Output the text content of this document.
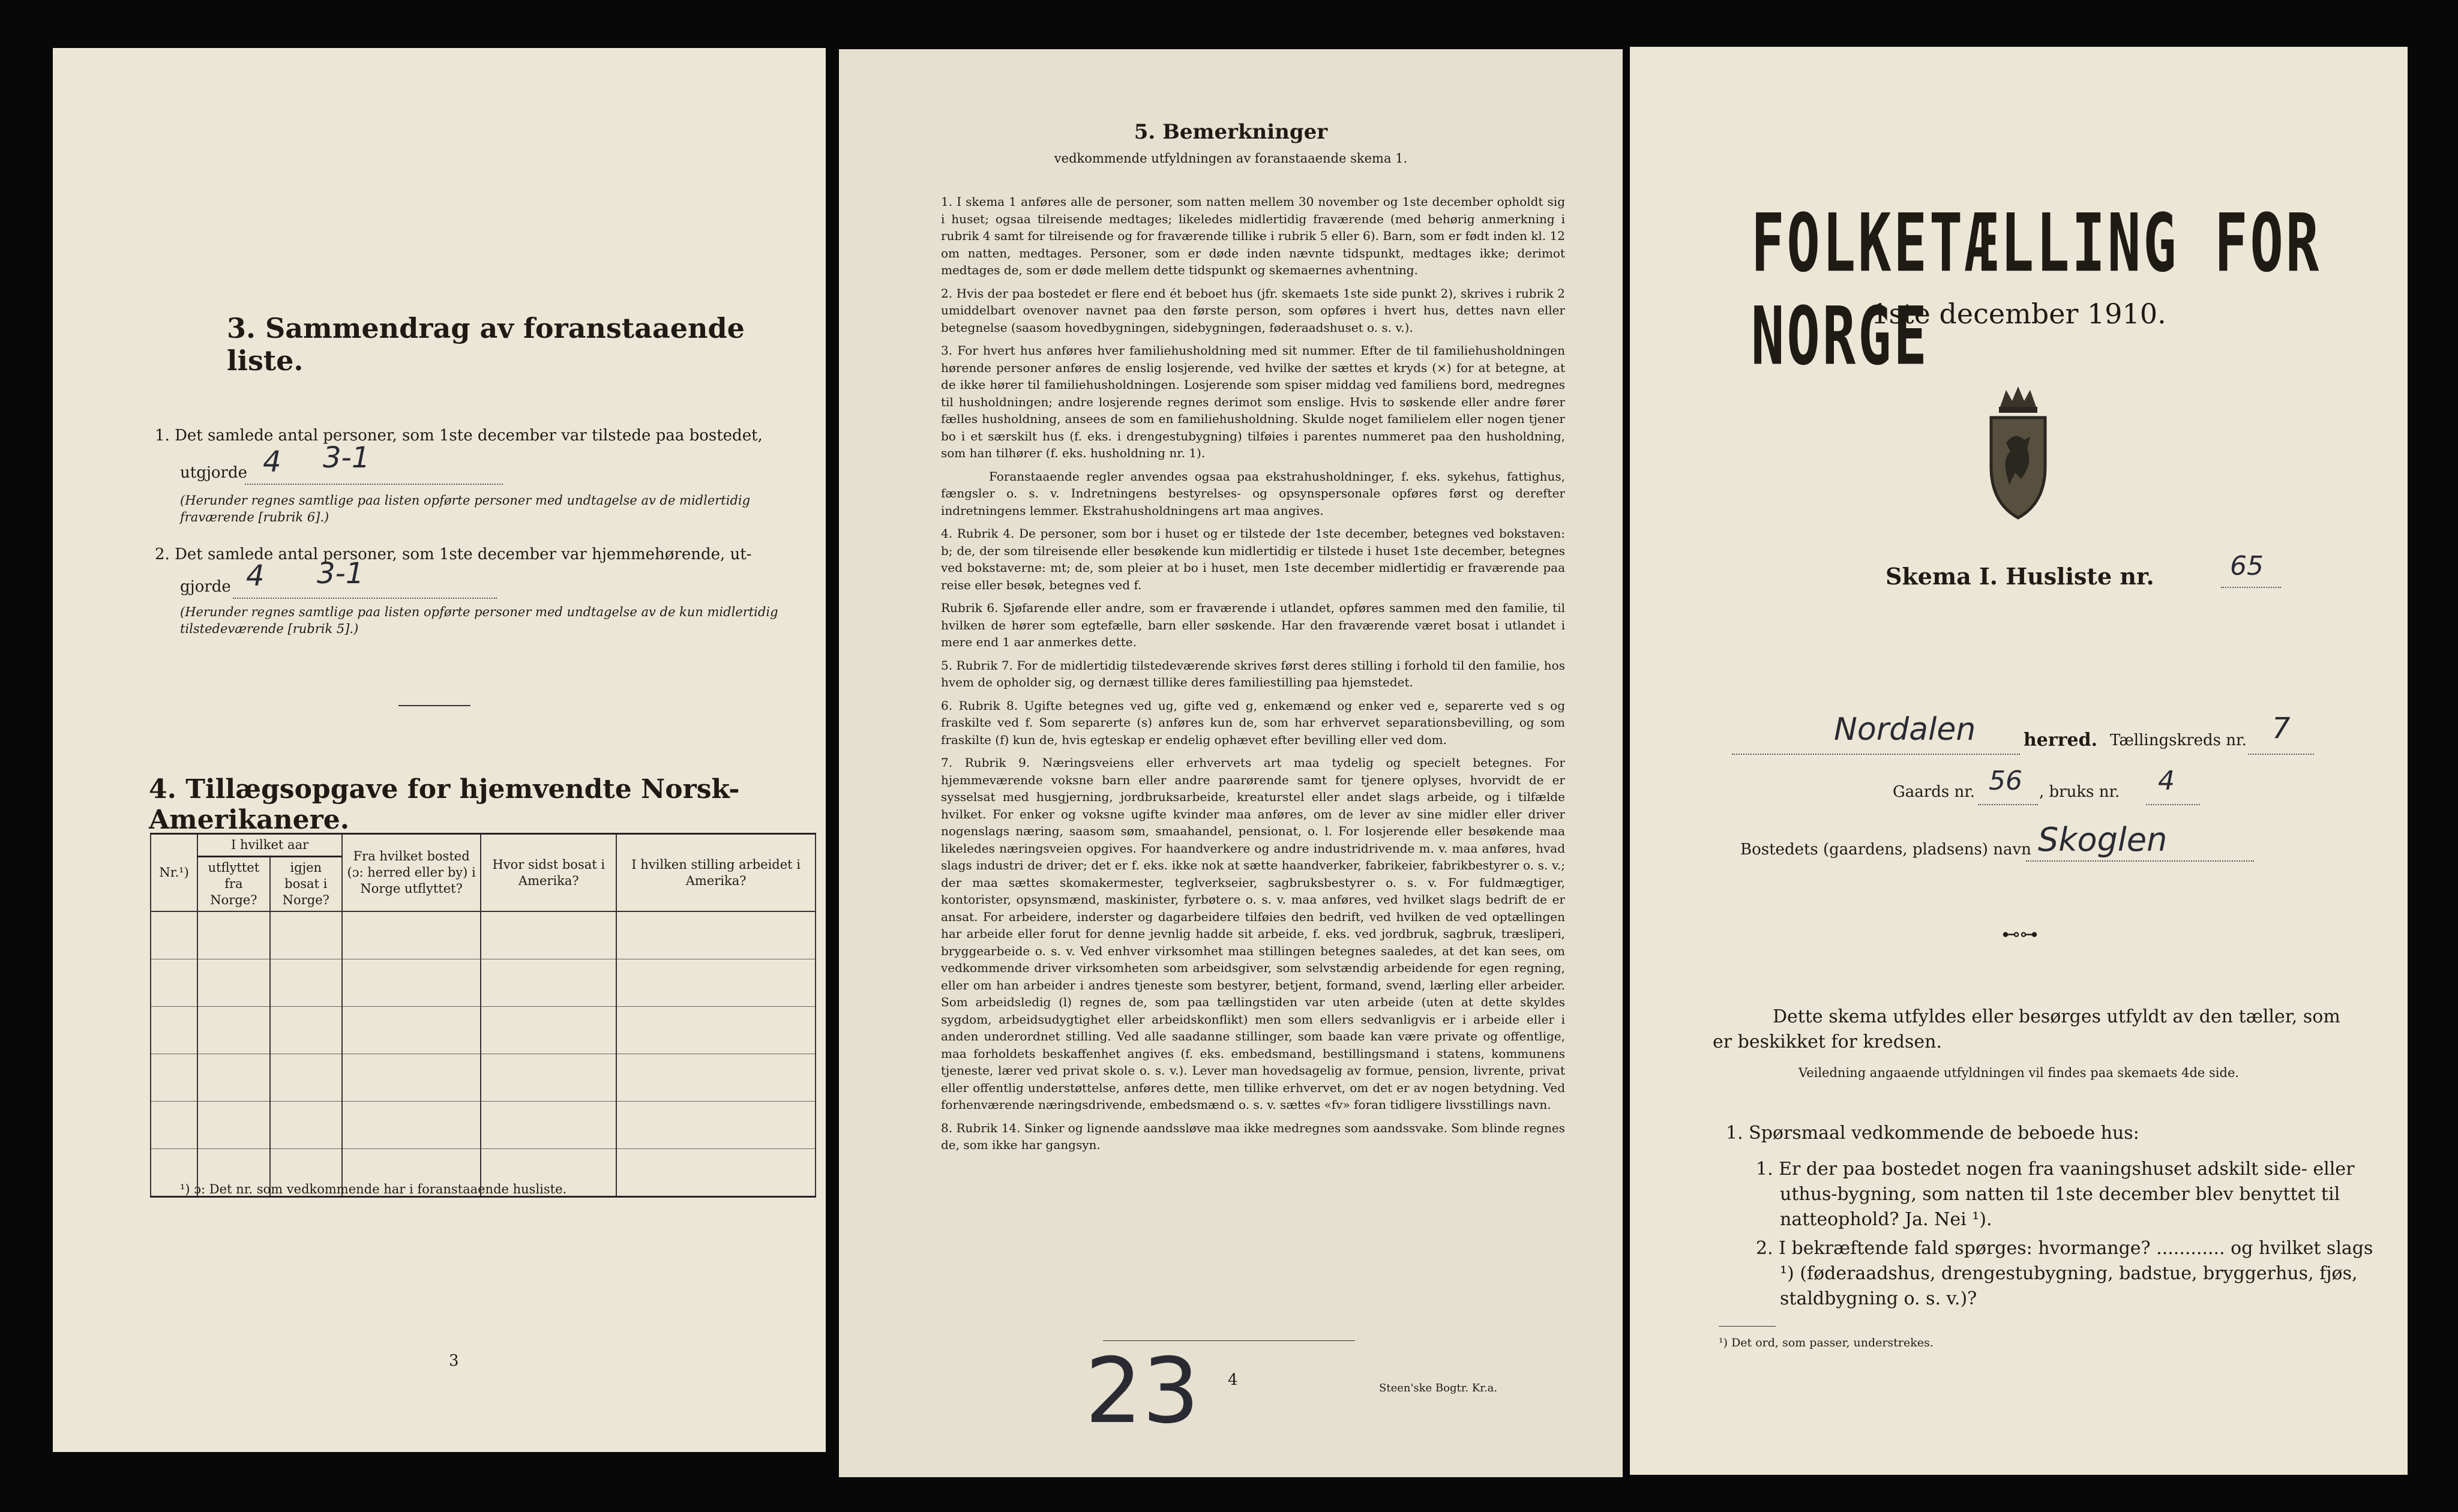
3. Sammendrag av foranstaaende liste.
1. Det samlede antal personer, som 1ste december var tilstede paa bostedet,
utgjorde 4 3-1
(Herunder regnes samtlige paa listen opførte personer med undtagelse av de midlertidig fraværende [rubrik 6].)
2. Det samlede antal personer, som 1ste december var hjemmehørende, ut-
gjorde 4 3-1
(Herunder regnes samtlige paa listen opførte personer med undtagelse av de kun midlertidig tilstedeværende [rubrik 5].)
4. Tillægsopgave for hjemvendte Norsk-Amerikanere.
Nr.¹)	I hvilket aar		Fra hvilket bosted (ɔ: herred eller by) i Norge utflyttet?	Hvor sidst bosat i Amerika?	I hvilken stilling arbeidet i Amerika?
	utflyttet fra Norge?	igjen bosat i Norge?			

¹) ɔ: Det nr. som vedkommende har i foranstaaende husliste.
3
5. Bemerkninger
vedkommende utfyldningen av foranstaaende skema 1.

1. I skema 1 anføres alle de personer, som natten mellem 30 november og 1ste december opholdt sig i huset; ogsaa tilreisende medtages; likeledes midlertidig fraværende (med behørig anmerkning i rubrik 4 samt for tilreisende og for fraværende tillike i rubrik 5 eller 6). Barn, som er født inden kl. 12 om natten, medtages. Personer, som er døde inden nævnte tidspunkt, medtages ikke; derimot medtages de, som er døde mellem dette tidspunkt og skemaernes avhentning.

2. Hvis der paa bostedet er flere end ét beboet hus (jfr. skemaets 1ste side punkt 2), skrives i rubrik 2 umiddelbart ovenover navnet paa den første person, som opføres i hvert hus, dettes navn eller betegnelse (saasom hovedbygningen, sidebygningen, føderaadshuset o. s. v.).

3. For hvert hus anføres hver familiehusholdning med sit nummer. Efter de til familiehusholdningen hørende personer anføres de enslig losjerende, ved hvilke der sættes et kryds (×) for at betegne, at de ikke hører til familiehusholdningen. Losjerende som spiser middag ved familiens bord, medregnes til husholdningen; andre losjerende regnes derimot som enslige. Hvis to søskende eller andre fører fælles husholdning, ansees de som en familiehusholdning. Skulde noget familielem eller nogen tjener bo i et særskilt hus (f. eks. i drengestubygning) tilføies i parentes nummeret paa den husholdning, som han tilhører (f. eks. husholdning nr. 1).

Foranstaaende regler anvendes ogsaa paa ekstrahusholdninger, f. eks. sykehus, fattighus, fængsler o. s. v. Indretningens bestyrelses- og opsynspersonale opføres først og derefter indretningens lemmer. Ekstrahusholdningens art maa angives.

4. Rubrik 4. De personer, som bor i huset og er tilstede der 1ste december, betegnes ved bokstaven: b; de, der som tilreisende eller besøkende kun midlertidig er tilstede i huset 1ste december, betegnes ved bokstaverne: mt; de, som pleier at bo i huset, men 1ste december midlertidig er fraværende paa reise eller besøk, betegnes ved f.

Rubrik 6. Sjøfarende eller andre, som er fraværende i utlandet, opføres sammen med den familie, til hvilken de hører som egtefælle, barn eller søskende. Har den fraværende været bosat i utlandet i mere end 1 aar anmerkes dette.

5. Rubrik 7. For de midlertidig tilstedeværende skrives først deres stilling i forhold til den familie, hos hvem de opholder sig, og dernæst tillike deres familiestilling paa hjemstedet.

6. Rubrik 8. Ugifte betegnes ved ug, gifte ved g, enkemænd og enker ved e, separerte ved s og fraskilte ved f. Som separerte (s) anføres kun de, som har erhvervet separationsbevilling, og som fraskilte (f) kun de, hvis egteskap er endelig ophævet efter bevilling eller ved dom.

7. Rubrik 9. Næringsveiens eller erhvervets art maa tydelig og specielt betegnes. For hjemmeværende voksne barn eller andre paarørende samt for tjenere oplyses, hvorvidt de er sysselsat med husgjerning, jordbruksarbeide, kreaturstel eller andet slags arbeide, og i tilfælde hvilket. For enker og voksne ugifte kvinder maa anføres, om de lever av sine midler eller driver nogenslags næring, saasom søm, smaahandel, pensionat, o. l. For losjerende eller besøkende maa likeledes næringsveien opgives. For haandverkere og andre industridrivende m. v. maa anføres, hvad slags industri de driver; det er f. eks. ikke nok at sætte haandverker, fabrikeier, fabrikbestyrer o. s. v.; der maa sættes skomakermester, teglverkseier, sagbruksbestyrer o. s. v. For fuldmægtiger, kontorister, opsynsmænd, maskinister, fyrbøtere o. s. v. maa anføres, ved hvilket slags bedrift de er ansat. For arbeidere, inderster og dagarbeidere tilføies den bedrift, ved hvilken de ved optællingen har arbeide eller forut for denne jevnlig hadde sit arbeide, f. eks. ved jordbruk, sagbruk, træsliperi, bryggearbeide o. s. v. Ved enhver virksomhet maa stillingen betegnes saaledes, at det kan sees, om vedkommende driver virksomheten som arbeidsgiver, som selvstændig arbeidende for egen regning, eller om han arbeider i andres tjeneste som bestyrer, betjent, formand, svend, lærling eller arbeider. Som arbeidsledig (l) regnes de, som paa tællingstiden var uten arbeide (uten at dette skyldes sygdom, arbeidsudygtighet eller arbeidskonflikt) men som ellers sedvanligvis er i arbeide eller i anden underordnet stilling. Ved alle saadanne stillinger, som baade kan være private og offentlige, maa forholdets beskaffenhet angives (f. eks. embedsmand, bestillingsmand i statens, kommunens tjeneste, lærer ved privat skole o. s. v.). Lever man hovedsagelig av formue, pension, livrente, privat eller offentlig understøttelse, anføres dette, men tillike erhvervet, om det er av nogen betydning. Ved forhenværende næringsdrivende, embedsmænd o. s. v. sættes «fv» foran tidligere livsstillings navn.

8. Rubrik 14. Sinker og lignende aandssløve maa ikke medregnes som aandssvake. Som blinde regnes de, som ikke har gangsyn.

23 4	Steen'ske Bogtr. Kr.a.
FOLKETÆLLING FOR NORGE
1ste december 1910.
Skema I. Husliste nr.	65
Nordalen	herred. Tællingskreds nr. 7
Gaards nr. 56 , bruks nr. 4
Bostedets (gaardens, pladsens) navn Skoglen
⊷⊶
Dette skema utfyldes eller besørges utfyldt av den tæller, som er beskikket for kredsen.
Veiledning angaaende utfyldningen vil findes paa skemaets 4de side.
1. Spørsmaal vedkommende de beboede hus:
1. Er der paa bostedet nogen fra vaaningshuset adskilt side- eller uthus-bygning, som natten til 1ste december blev benyttet til natteophold? Ja. Nei ¹).
2. I bekræftende fald spørges: hvormange? ............ og hvilket slags ¹) (føderaadshus, drengestubygning, badstue, bryggerhus, fjøs, staldbygning o. s. v.)?
¹) Det ord, som passer, understrekes.
